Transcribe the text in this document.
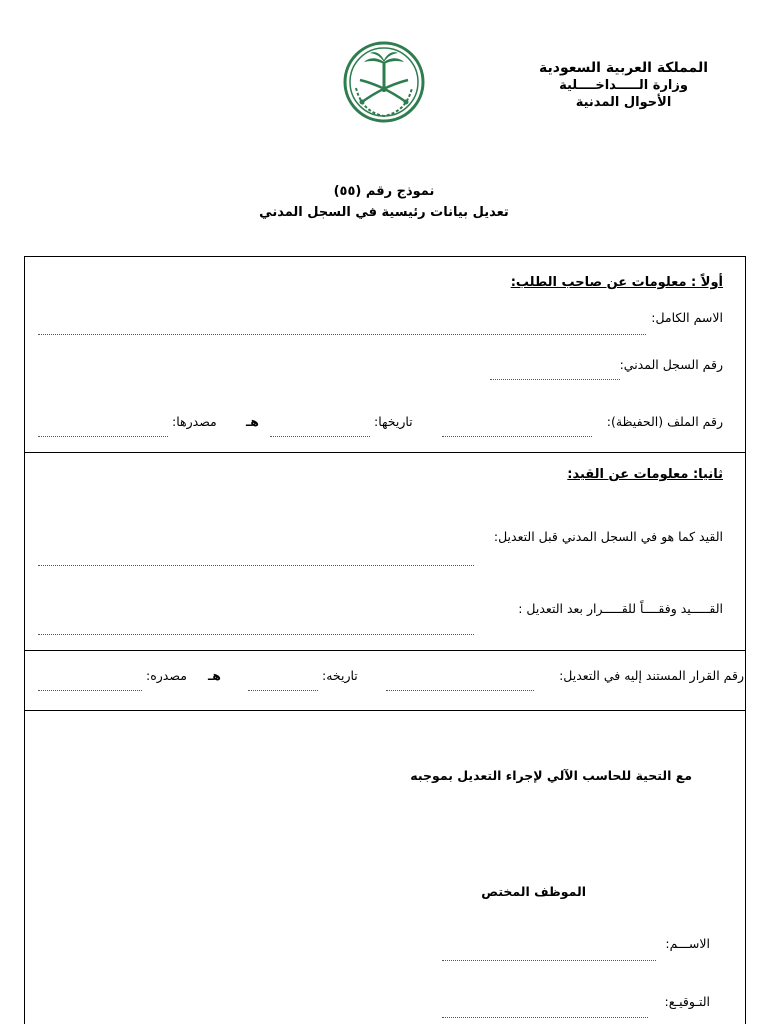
المملكة العربية السعودية
وزارة الـــــداخــــلية
الأحوال المدنية
نموذج رقم (٥٥)
تعديل بيانات رئيسية في السجل المدني
أولاً : معلومات عن صاحب الطلب:
الاسم الكامل:
رقم السجل المدني:
رقم الملف (الحفيظة):
تاريخها:
هـ
مصدرها:
ثانيا: معلومات عن القيد:
القيد كما هو في السجل المدني قبل التعديل:
القـــــيد وفقــــاً للقـــــرار بعد التعديل :
رقم القرار المستند إليه في التعديل:
تاريخه:
هـ
مصدره:
مع التحية للحاسب الآلي لإجراء التعديل بموجبه
الموظف المختص
الاســـم:
التـوقيـع:
